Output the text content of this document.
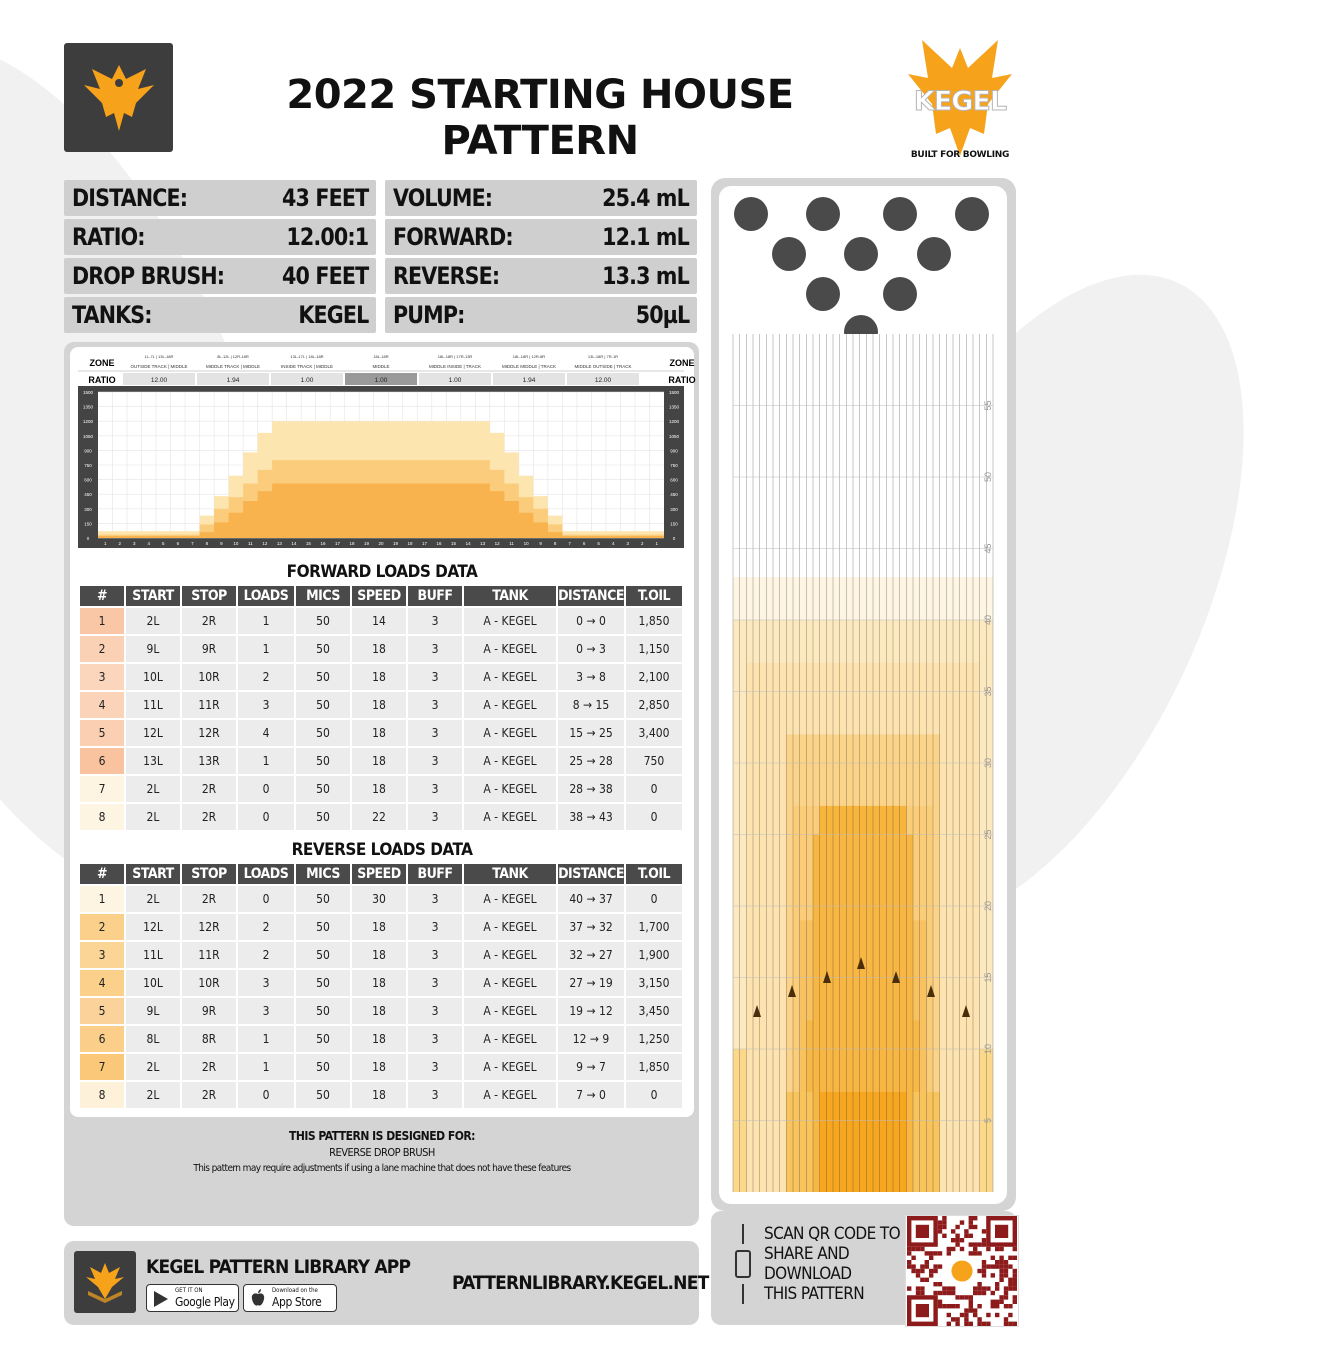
2022 STARTING HOUSE PATTERN
KEGEL
BUILT FOR BOWLING
DISTANCE:	43 FEET
RATIO:	12.00:1
DROP BRUSH: 40 FEET
TANKS:	KEGEL
VOLUME:	25.4 mL
FORWARD:	12.1 mL
REVERSE:	13.3 mL
PUMP:	50µL
1L-7L | 13L-18R
OUTSIDE TRACK | MIDDLE
12.00
8L-12L | 12R-18R
MIDDLE TRACK | MIDDLE
1.94
13L-17L | 18L-18R
INSIDE TRACK | MIDDLE
1.00
18L-18R
MIDDLE
1.00
18L-18R | 17R-13R
MIDDLE INSIDE | TRACK
1.00
18L-18R | 12R-8R
MIDDLE MIDDLE | TRACK
1.94
13L-18R | 7R-1R
MIDDLE OUTSIDE | TRACK
12.00
ZONE
RATIO
ZONE
RATIO
1500	1500
1350	1350
1200	1200
1050	1050
900	900
750	750
600	600
450	450
300	300
150	150
0	0
1	2	3	4	5	6	7	8	9 10 11 12 13 14 15 16 17 18 19 20 19 18 17 16 15 14 13 12 11 10 9	8	7	6	5	4	3	2	1
FORWARD LOADS DATA
#	START	STOP	LOADS	MICS	SPEED	BUFF	TANK	DISTANCE	T.OIL
1	2L	2R	1	50	14	3	A - KEGEL	0 → 0	1,850
2	9L	9R	1	50	18	3	A - KEGEL	0 → 3	1,150
3	10L	10R	2	50	18	3	A - KEGEL	3 → 8	2,100
4	11L	11R	3	50	18	3	A - KEGEL	8 → 15	2,850
5	12L	12R	4	50	18	3	A - KEGEL	15 → 25	3,400
6	13L	13R	1	50	18	3	A - KEGEL	25 → 28	750
7	2L	2R	0	50	18	3	A - KEGEL	28 → 38	0
8	2L	2R	0	50	22	3	A - KEGEL	38 → 43	0
REVERSE LOADS DATA
#	START	STOP	LOADS	MICS	SPEED	BUFF	TANK	DISTANCE	T.OIL
1	2L	2R	0	50	30	3	A - KEGEL	40 → 37	0
2	12L	12R	2	50	18	3	A - KEGEL	37 → 32	1,700
3	11L	11R	2	50	18	3	A - KEGEL	32 → 27	1,900
4	10L	10R	3	50	18	3	A - KEGEL	27 → 19	3,150
5	9L	9R	3	50	18	3	A - KEGEL	19 → 12	3,450
6	8L	8R	1	50	18	3	A - KEGEL	12 → 9	1,250
7	2L	2R	1	50	18	3	A - KEGEL	9 → 7	1,850
8	2L	2R	0	50	18	3	A - KEGEL	7 → 0	0
THIS PATTERN IS DESIGNED FOR:
REVERSE DROP BRUSH
This pattern may require adjustments if using a lane machine that does not have these features
55
50
45
40
35
30
25
20
15
10
5
KEGEL PATTERN LIBRARY APP
GET IT ON
Google Play
Download on the
App Store
PATTERNLIBRARY.KEGEL.NET
SCAN QR CODE TO
SHARE AND
DOWNLOAD
THIS PATTERN
